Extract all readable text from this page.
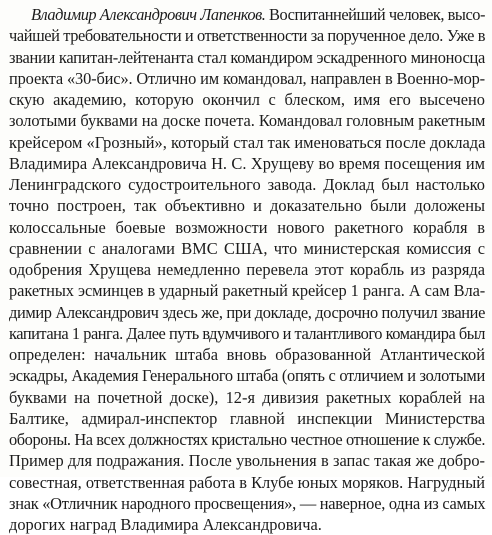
Владимир Александрович Лапенков. Воспитаннейший человек, высо-
чайшей требовательности и ответственности за порученное дело. Уже в
звании капитан-лейтенанта стал командиром эскадренного миноносца
проекта «30-бис». Отлично им командовал, направлен в Военно-мор-
скую академию, которую окончил с блеском, имя его высечено
золотыми буквами на доске почета. Командовал головным ракетным
крейсером «Грозный», который стал так именоваться после доклада
Владимира Александровича Н. С. Хрущеву во время посещения им
Ленинградского судостроительного завода. Доклад был настолько
точно построен, так объективно и доказательно были доложены
колоссальные боевые возможности нового ракетного корабля в
сравнении с аналогами ВМС США, что министерская комиссия с
одобрения Хрущева немедленно перевела этот корабль из разряда
ракетных эсминцев в ударный ракетный крейсер 1 ранга. А сам Вла-
димир Александрович здесь же, при докладе, досрочно получил звание
капитана 1 ранга. Далее путь вдумчивого и талантливого командира был
определен: начальник штаба вновь образованной Атлантической
эскадры, Академия Генерального штаба (опять с отличием и золотыми
буквами на почетной доске), 12-я дивизия ракетных кораблей на
Балтике, адмирал-инспектор главной инспекции Министерства
обороны. На всех должностях кристально честное отношение к службе.
Пример для подражания. После увольнения в запас такая же добро-
совестная, ответственная работа в Клубе юных моряков. Нагрудный
знак «Отличник народного просвещения», — наверное, одна из самых
дорогих наград Владимира Александровича.
